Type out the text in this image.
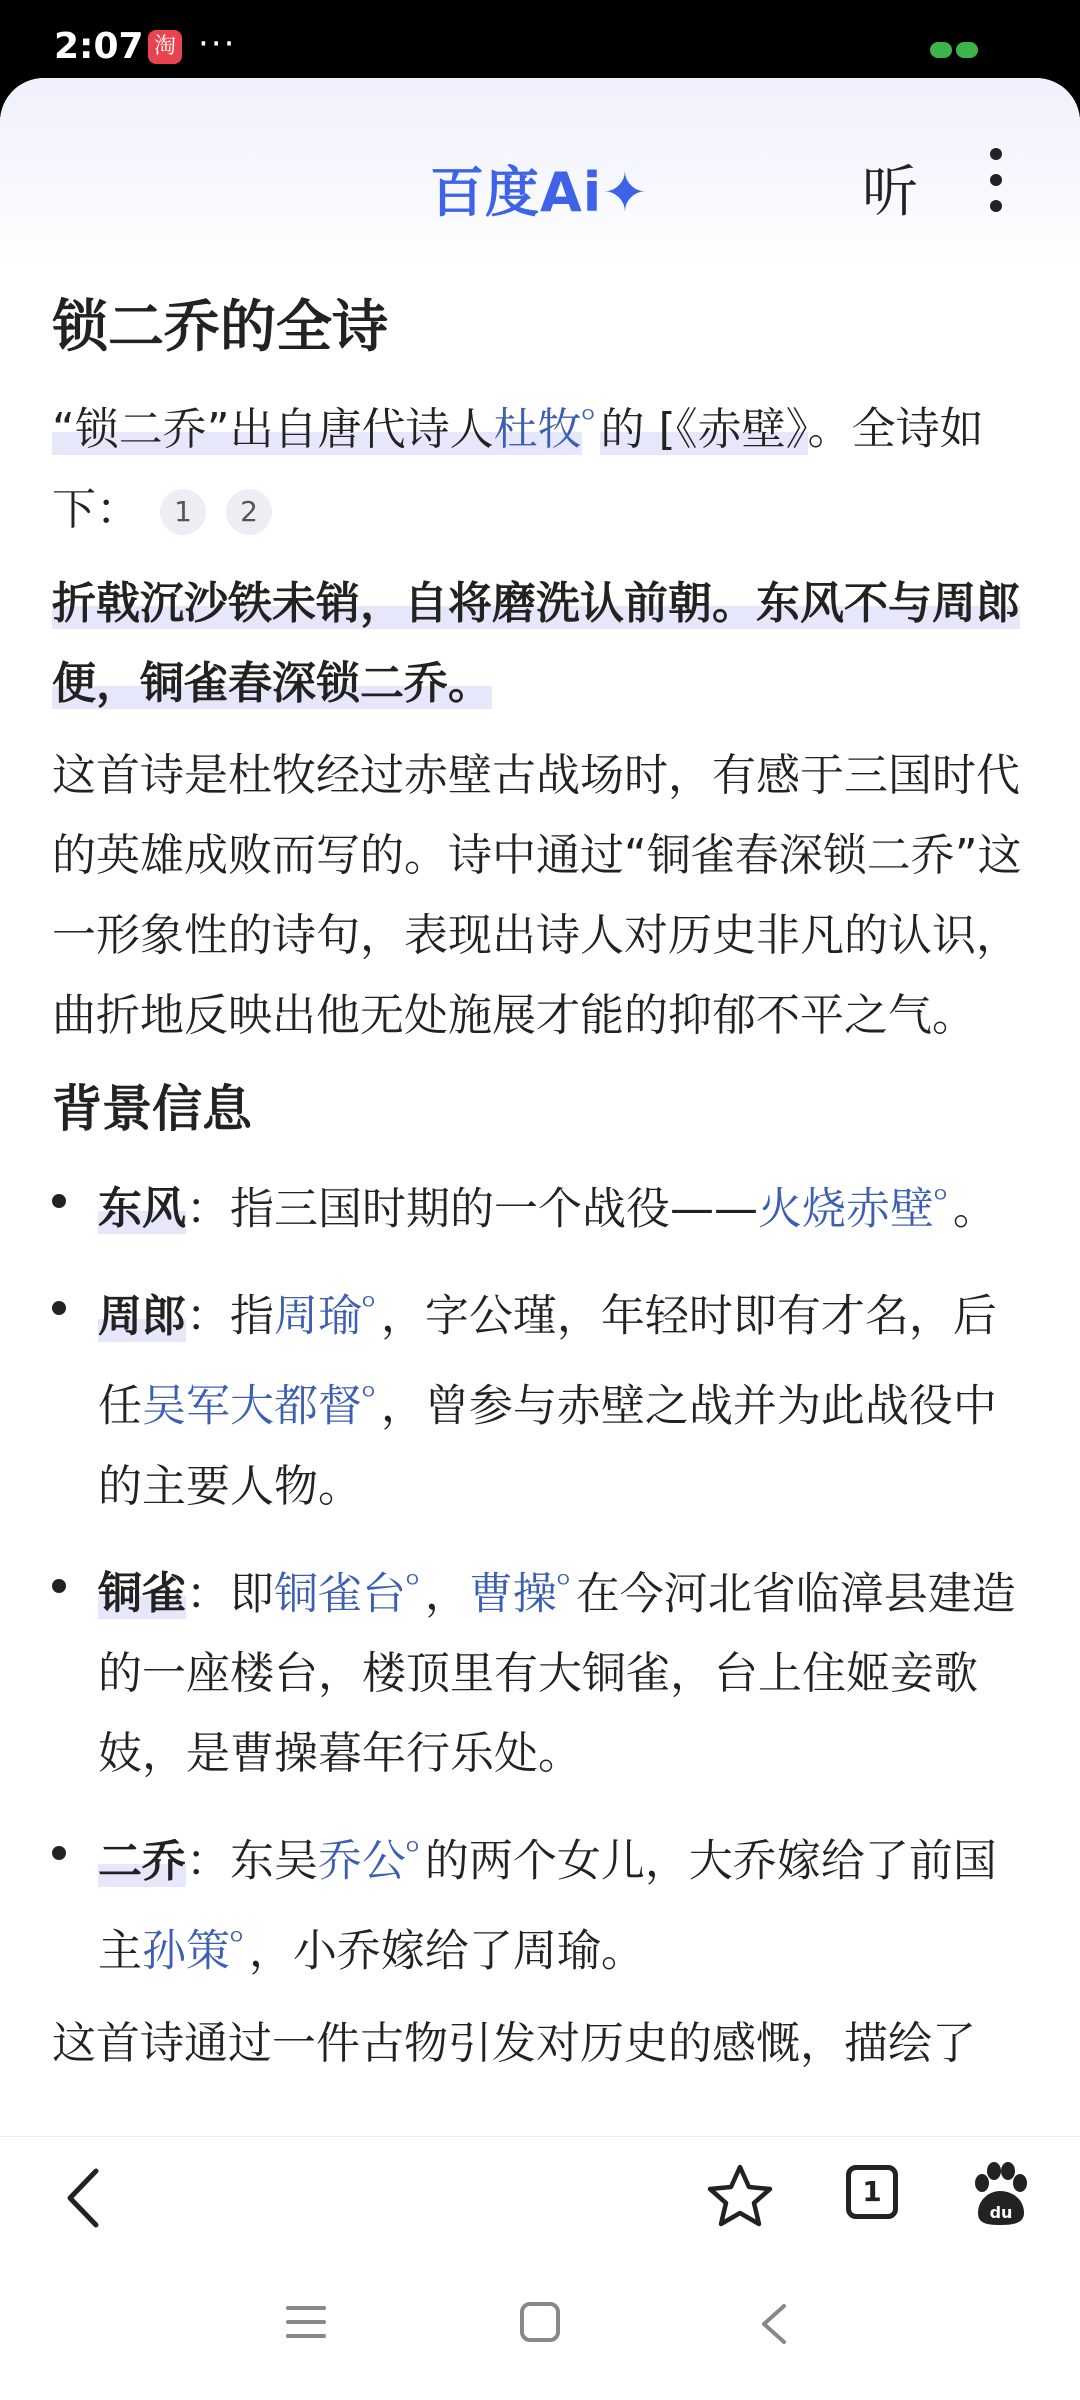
2:07 淘 ···
百度Ai✦	听
锁二乔的全诗

“锁二乔”出自唐代诗人杜牧$^ᴼ$ 的 [《赤壁》。全诗如下： 1 2

折戟沉沙铁未销，自将磨洗认前朝。东风不与周郎便，铜雀春深锁二乔。

这首诗是杜牧经过赤壁古战场时，有感于三国时代的英雄成败而写的。诗中通过“铜雀春深锁二乔”这一形象性的诗句，表现出诗人对历史非凡的认识，曲折地反映出他无处施展才能的抑郁不平之气。

背景信息
东风：指三国时期的一个战役——火烧赤壁$^ᴼ$ 。
周郎：指周瑜$^ᴼ$ ，字公瑾，年轻时即有才名，后任吴军大都督$^ᴼ$ ，曾参与赤壁之战并为此战役中的主要人物。
铜雀：即铜雀台$^ᴼ$ ，曹操$^ᴼ$ 在今河北省临漳县建造的一座楼台，楼顶里有大铜雀，台上住姬妾歌妓，是曹操暮年行乐处。
二乔：东吴乔公$^ᴼ$ 的两个女儿，大乔嫁给了前国主孙策$^ᴼ$ ，小乔嫁给了周瑜。

这首诗通过一件古物引发对历史的感慨，描绘了

1
du
